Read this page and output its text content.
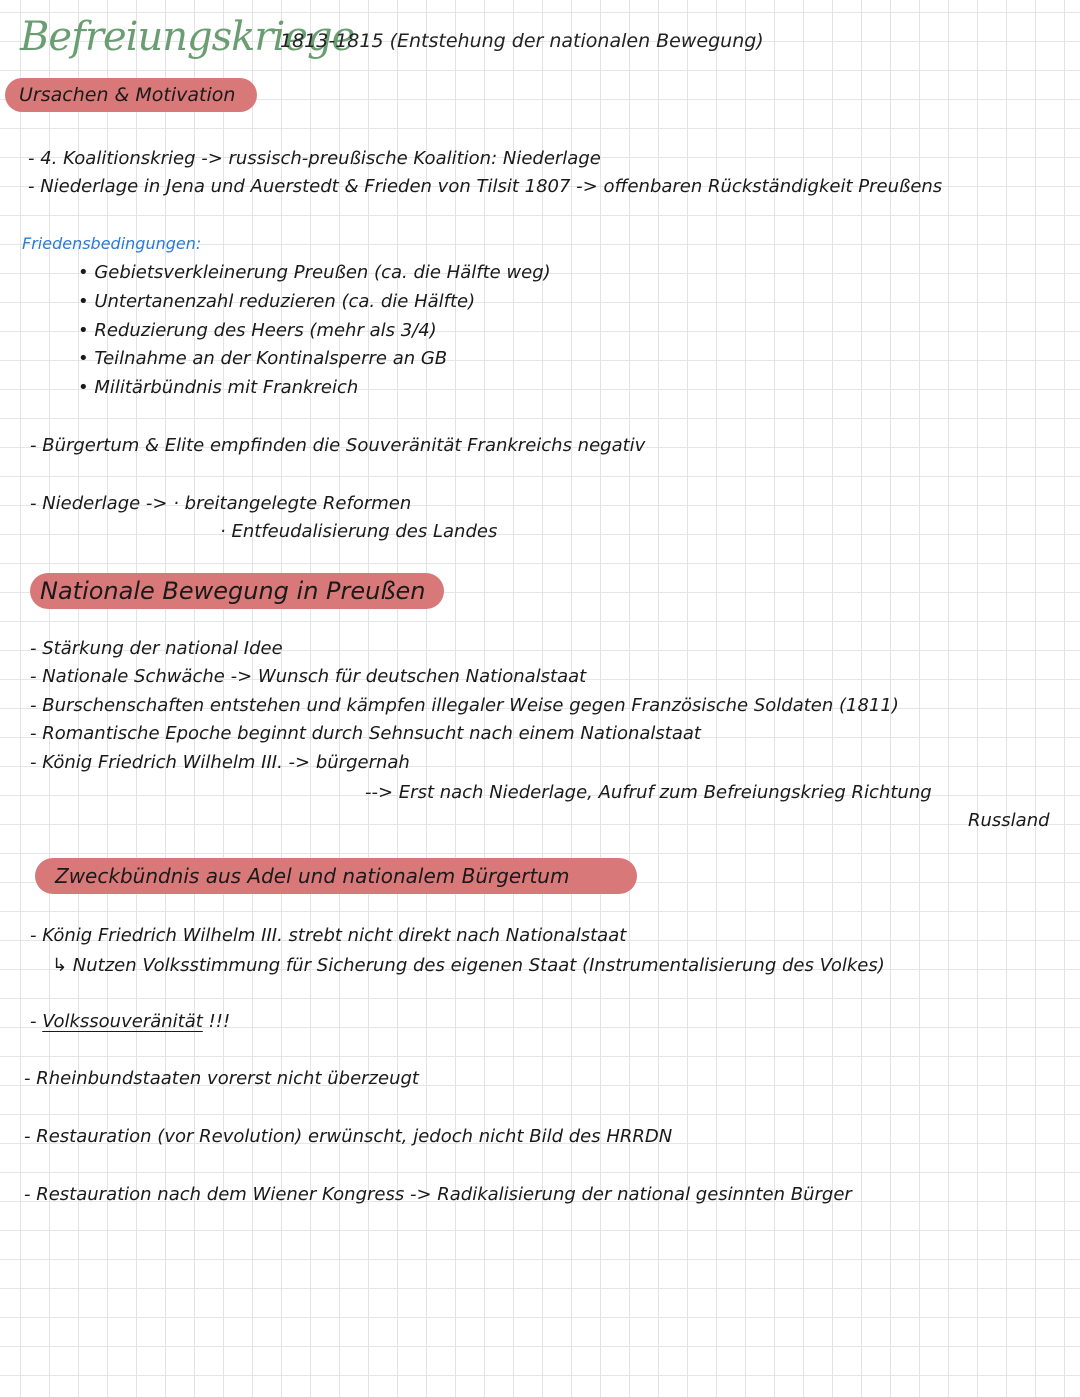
Befreiungskriege
1813-1815 (Entstehung der nationalen Bewegung)
Ursachen & Motivation
- 4. Koalitionskrieg -> russisch-preußische Koalition: Niederlage
- Niederlage in Jena und Auerstedt & Frieden von Tilsit 1807 -> offenbaren Rückständigkeit Preußens
Friedensbedingungen:
• Gebietsverkleinerung Preußen (ca. die Hälfte weg)
• Untertanenzahl reduzieren (ca. die Hälfte)
• Reduzierung des Heers (mehr als 3/4)
• Teilnahme an der Kontinalsperre an GB
• Militärbündnis mit Frankreich
- Bürgertum & Elite empfinden die Souveränität Frankreichs negativ
- Niederlage -> · breitangelegte Reformen
· Entfeudalisierung des Landes
Nationale Bewegung in Preußen
- Stärkung der national Idee
- Nationale Schwäche -> Wunsch für deutschen Nationalstaat
- Burschenschaften entstehen und kämpfen illegaler Weise gegen Französische Soldaten (1811)
- Romantische Epoche beginnt durch Sehnsucht nach einem Nationalstaat
- König Friedrich Wilhelm III. -> bürgernah
--> Erst nach Niederlage, Aufruf zum Befreiungskrieg Richtung
Russland
Zweckbündnis aus Adel und nationalem Bürgertum
- König Friedrich Wilhelm III. strebt nicht direkt nach Nationalstaat
↳ Nutzen Volksstimmung für Sicherung des eigenen Staat (Instrumentalisierung des Volkes)
- Volkssouveränität !!!
- Rheinbundstaaten vorerst nicht überzeugt
- Restauration (vor Revolution) erwünscht, jedoch nicht Bild des HRRDN
- Restauration nach dem Wiener Kongress -> Radikalisierung der national gesinnten Bürger
